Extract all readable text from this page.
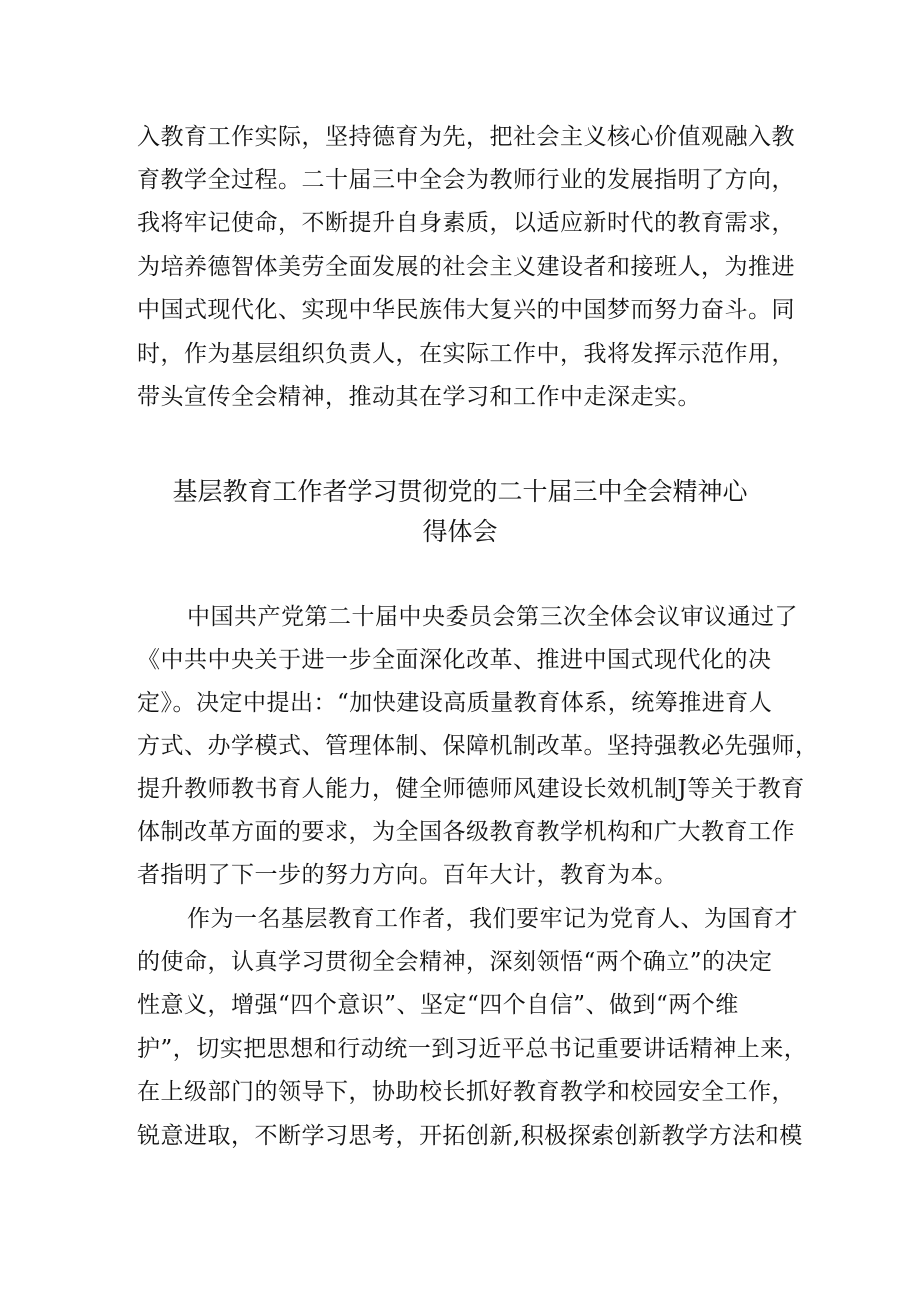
入教育工作实际，坚持德育为先，把社会主义核心价值观融入教
育教学全过程。二十届三中全会为教师行业的发展指明了方向，
我将牢记使命，不断提升自身素质，以适应新时代的教育需求，
为培养德智体美劳全面发展的社会主义建设者和接班人，为推进
中国式现代化、实现中华民族伟大复兴的中国梦而努力奋斗。同
时，作为基层组织负责人，在实际工作中，我将发挥示范作用，
带头宣传全会精神，推动其在学习和工作中走深走实。
基层教育工作者学习贯彻党的二十届三中全会精神心
得体会
中国共产党第二十届中央委员会第三次全体会议审议通过了
《中共中央关于进一步全面深化改革、推进中国式现代化的决
定》。决定中提出：“加快建设高质量教育体系，统筹推进育人
方式、办学模式、管理体制、保障机制改革。坚持强教必先强师，
提升教师教书育人能力，健全师德师风建设长效机制J等关于教育
体制改革方面的要求，为全国各级教育教学机构和广大教育工作
者指明了下一步的努力方向。百年大计，教育为本。
作为一名基层教育工作者，我们要牢记为党育人、为国育才
的使命，认真学习贯彻全会精神，深刻领悟“两个确立”的决定
性意义，增强“四个意识”、坚定“四个自信”、做到“两个维
护”，切实把思想和行动统一到习近平总书记重要讲话精神上来，
在上级部门的领导下，协助校长抓好教育教学和校园安全工作，
锐意进取，不断学习思考，开拓创新,积极探索创新教学方法和模
